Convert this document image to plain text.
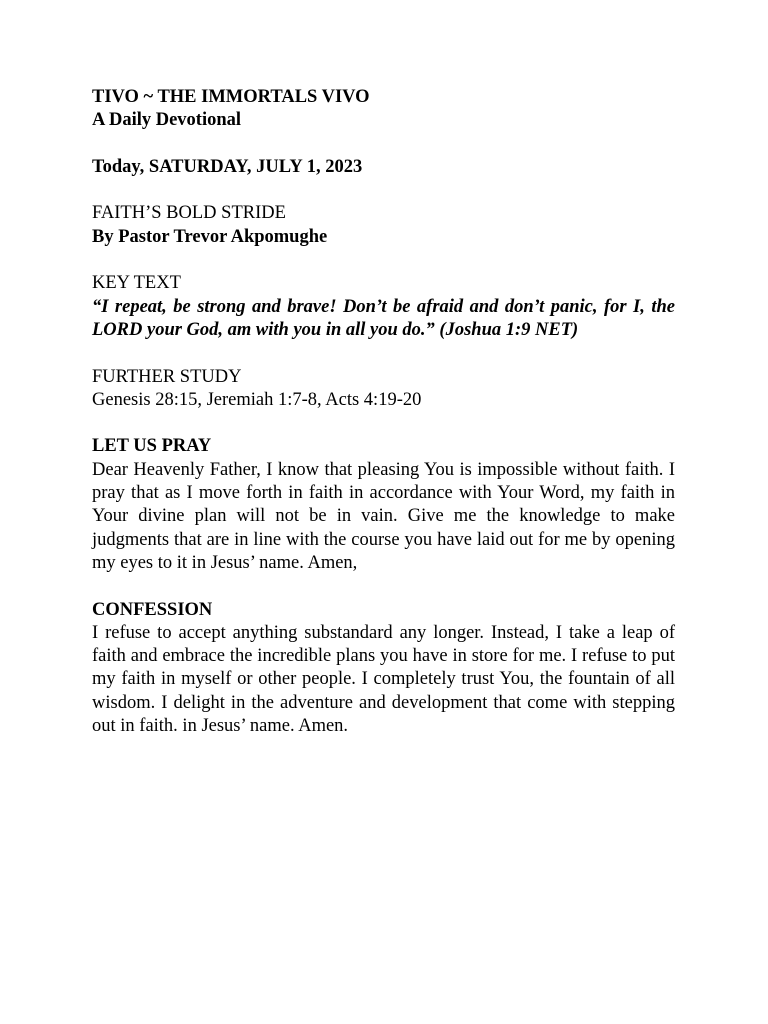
TIVO ~ THE IMMORTALS VIVO
A Daily Devotional
Today, SATURDAY, JULY 1, 2023
FAITH’S BOLD STRIDE
By Pastor Trevor Akpomughe
KEY TEXT

“I repeat, be strong and brave! Don’t be afraid and don’t panic, for I, the LORD your God, am with you in all you do.” (Joshua 1:9 NET)

FURTHER STUDY
Genesis 28:15, Jeremiah 1:7-8, Acts 4:19-20
LET US PRAY

Dear Heavenly Father, I know that pleasing You is impossible without faith. I pray that as I move forth in faith in accordance with Your Word, my faith in Your divine plan will not be in vain. Give me the knowledge to make judgments that are in line with the course you have laid out for me by opening my eyes to it in Jesus’ name. Amen,

CONFESSION

I refuse to accept anything substandard any longer. Instead, I take a leap of faith and embrace the incredible plans you have in store for me. I refuse to put my faith in myself or other people. I completely trust You, the fountain of all wisdom. I delight in the adventure and development that come with stepping out in faith. in Jesus’ name. Amen.
